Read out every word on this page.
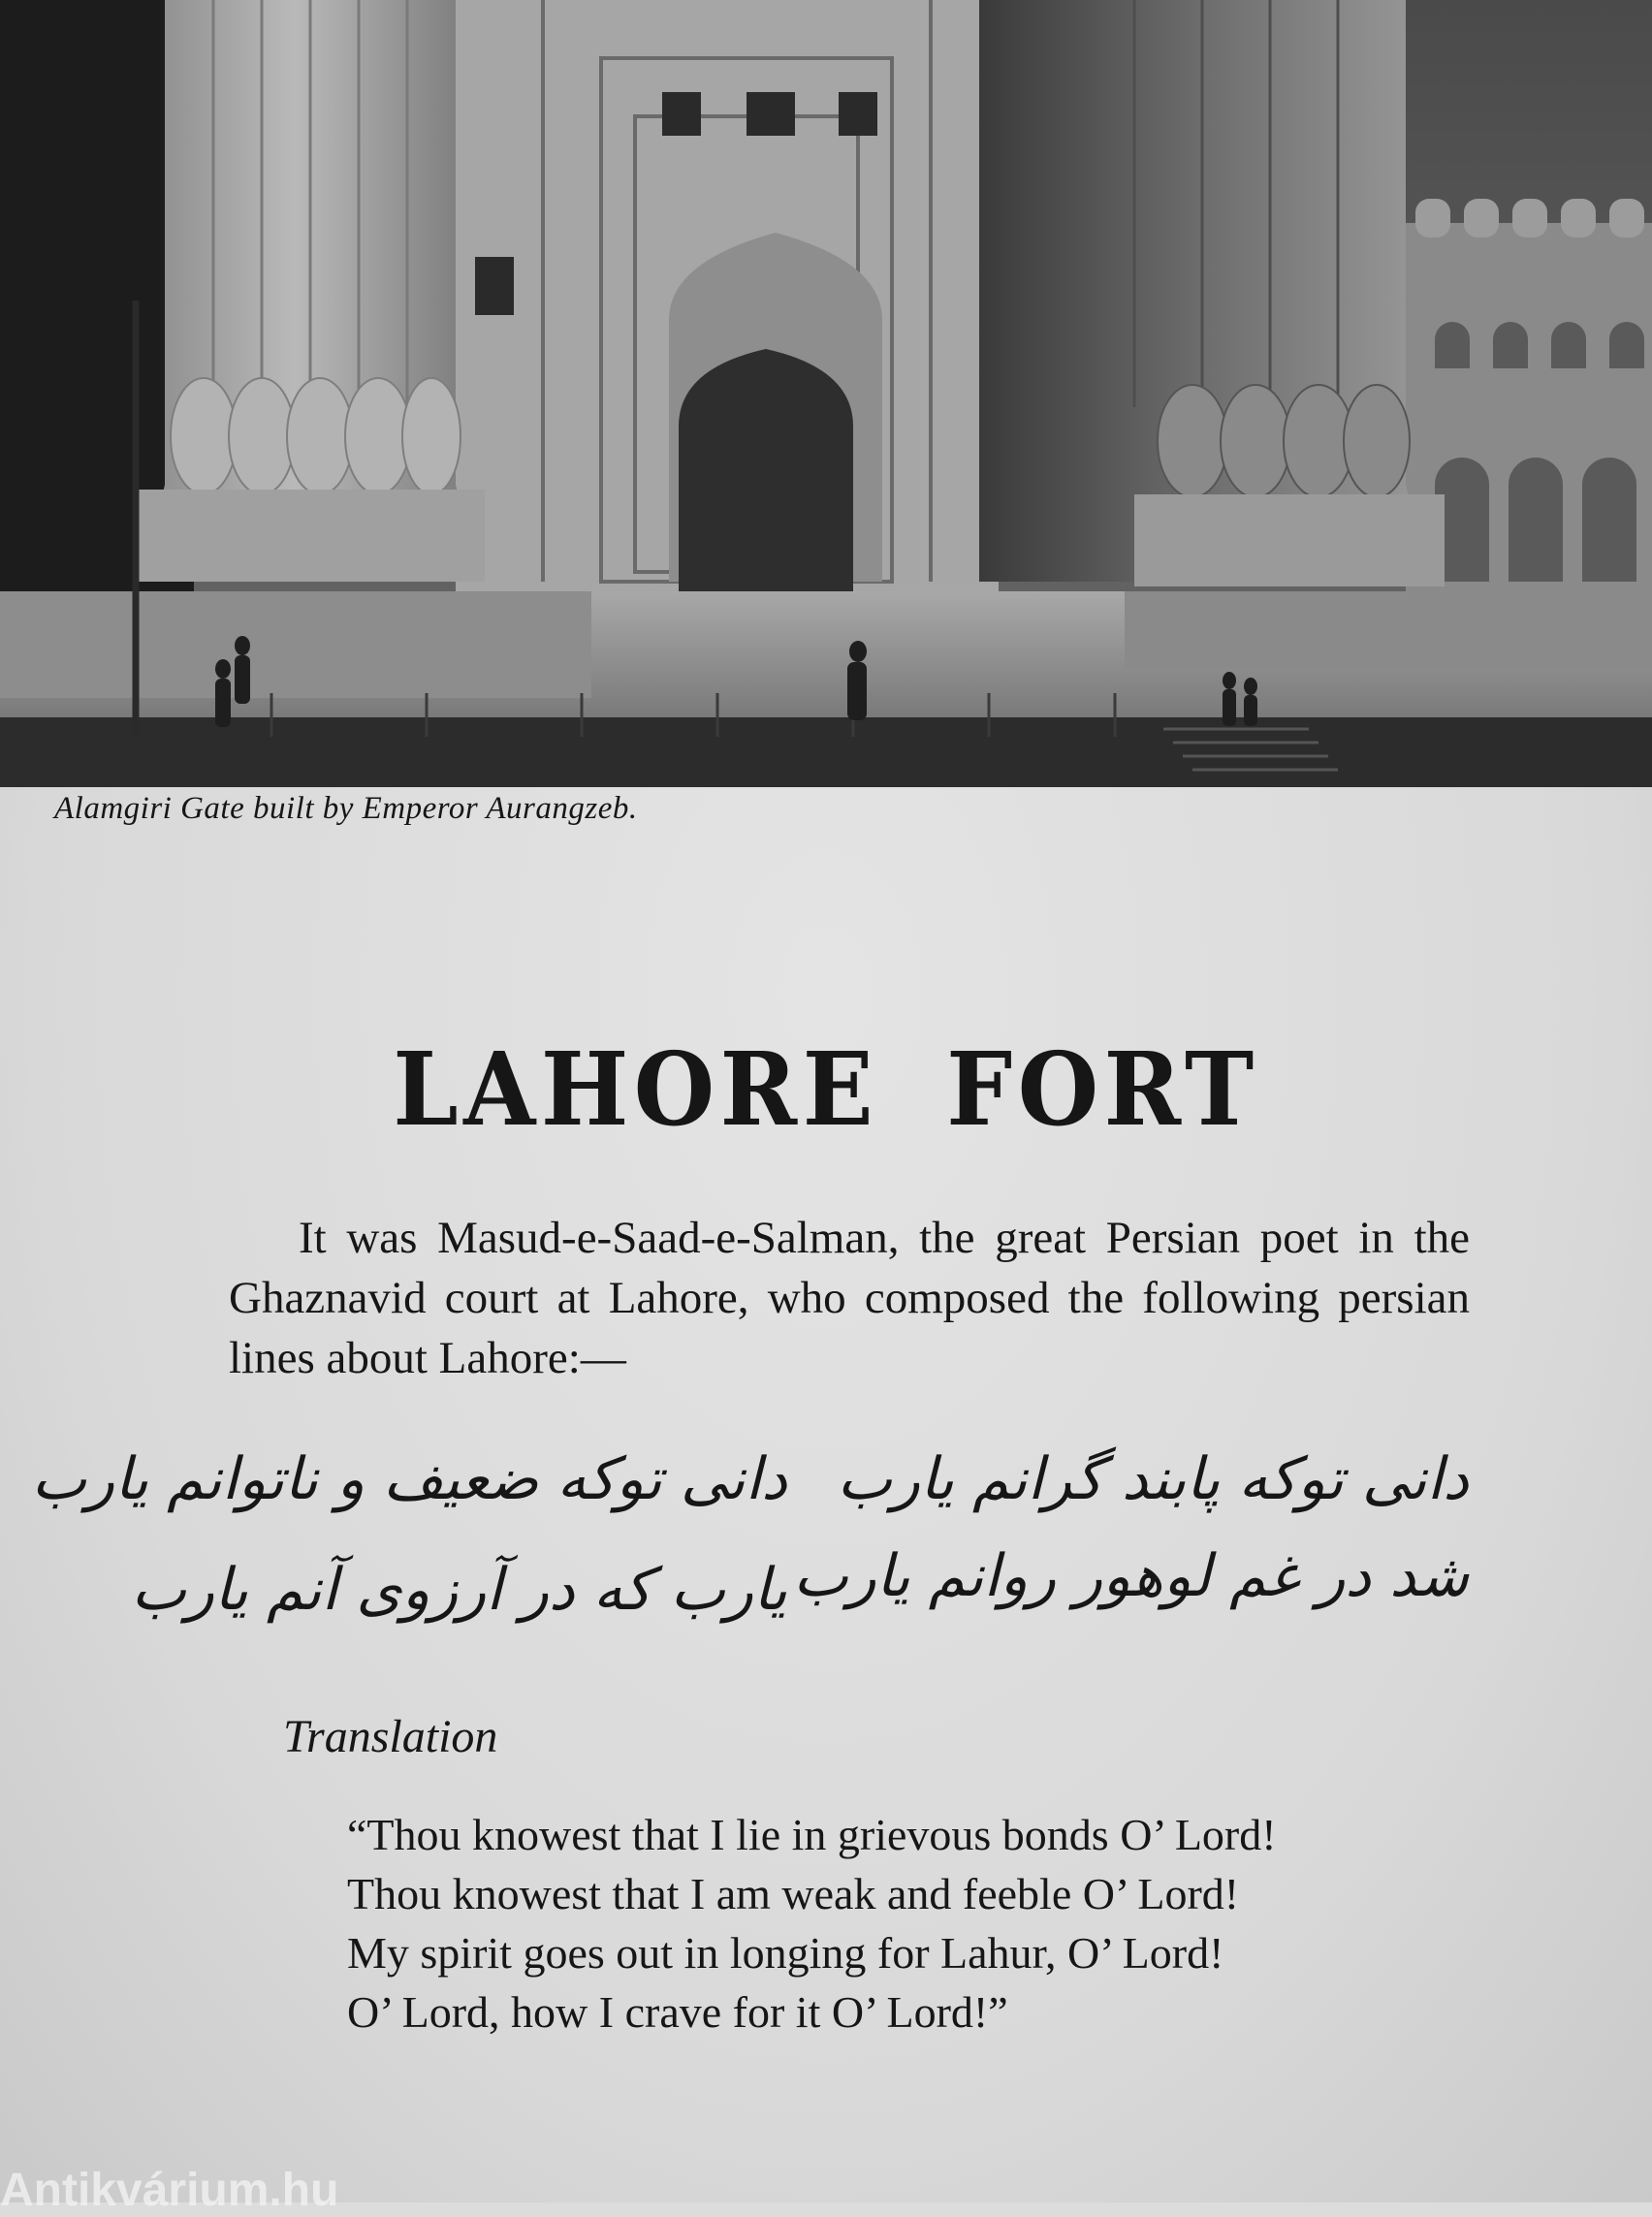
Alamgiri Gate built by Emperor Aurangzeb.
LAHORE FORT

It was Masud-e-Saad-e-Salman, the great Persian poet in the Ghaznavid court at Lahore, who composed the following persian lines about Lahore:—

دانی توکه پابند گرانم یارب
شد در غم لوهور روانم یارب
دانی توکه ضعیف و ناتوانم یارب
یارب که در آرزوی آنم یارب
Translation
“Thou knowest that I lie in grievous bonds O’ Lord!
Thou knowest that I am weak and feeble O’ Lord!
My spirit goes out in longing for Lahur, O’ Lord!
O’ Lord, how I crave for it O’ Lord!”
Antikvárium.hu
